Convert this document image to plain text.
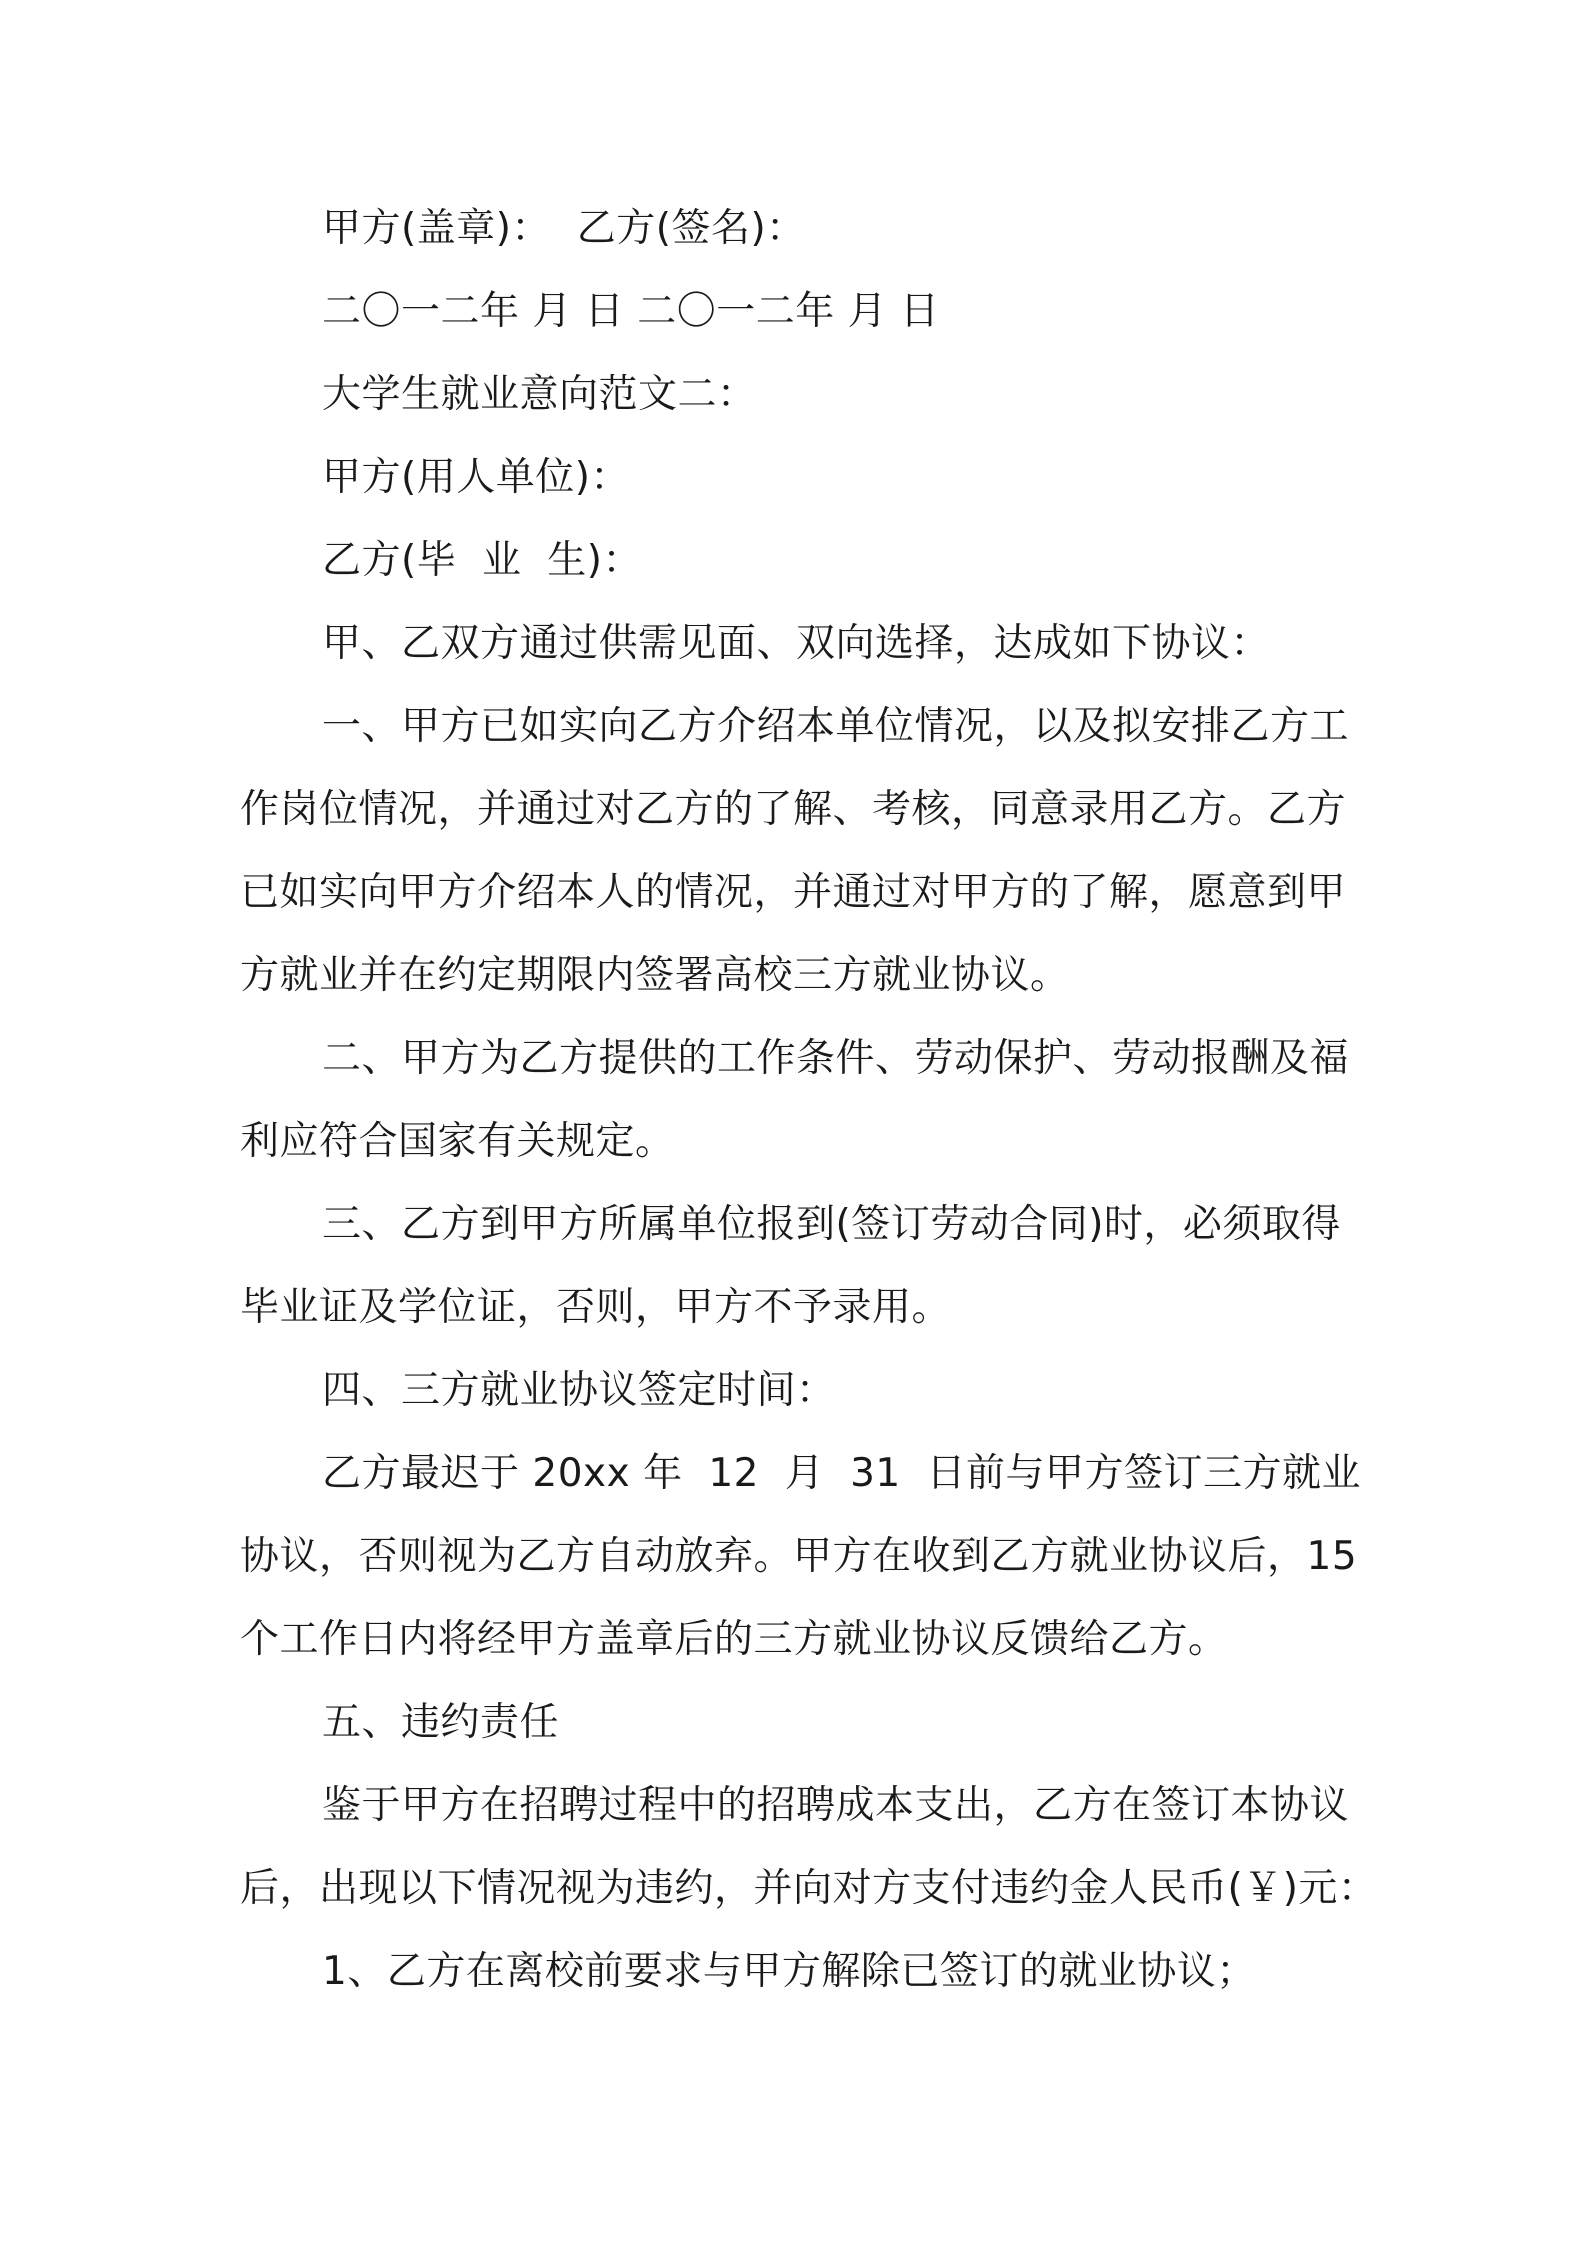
甲方(盖章)：  乙方(签名)：
二〇一二年 月 日 二〇一二年 月 日
大学生就业意向范文二：
甲方(用人单位)：
乙方(毕  业  生)：
甲、乙双方通过供需见面、双向选择，达成如下协议：
一、甲方已如实向乙方介绍本单位情况，以及拟安排乙方工
作岗位情况，并通过对乙方的了解、考核，同意录用乙方。乙方
已如实向甲方介绍本人的情况，并通过对甲方的了解，愿意到甲
方就业并在约定期限内签署高校三方就业协议。
二、甲方为乙方提供的工作条件、劳动保护、劳动报酬及福
利应符合国家有关规定。
三、乙方到甲方所属单位报到(签订劳动合同)时，必须取得
毕业证及学位证，否则，甲方不予录用。
四、三方就业协议签定时间：
乙方最迟于 20xx 年  12  月  31  日前与甲方签订三方就业
协议，否则视为乙方自动放弃。甲方在收到乙方就业协议后，15
个工作日内将经甲方盖章后的三方就业协议反馈给乙方。
五、违约责任
鉴于甲方在招聘过程中的招聘成本支出，乙方在签订本协议
后，出现以下情况视为违约，并向对方支付违约金人民币(￥)元：
1、乙方在离校前要求与甲方解除已签订的就业协议；
